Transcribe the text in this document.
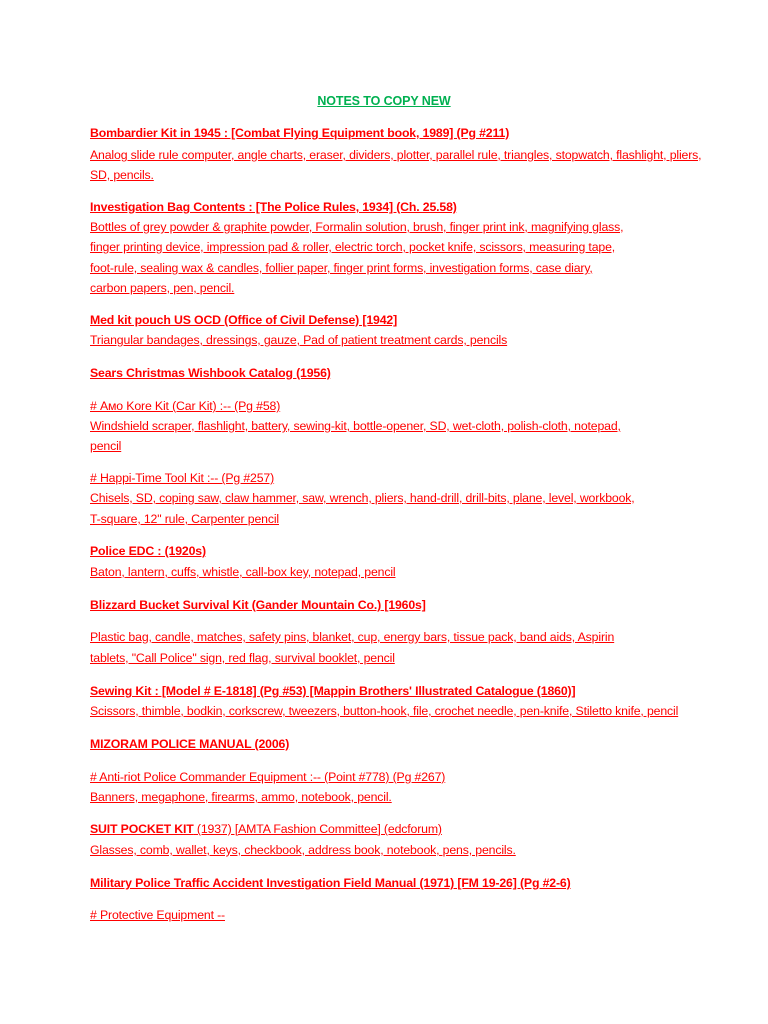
NOTES TO COPY NEW
Bombardier Kit in 1945 : [Combat Flying Equipment book, 1989] (Pg #211)
Analog slide rule computer, angle charts, eraser, dividers, plotter, parallel rule, triangles, stopwatch, flashlight, pliers,
SD, pencils.
Investigation Bag Contents : [The Police Rules, 1934] (Ch. 25.58)
Bottles of grey powder & graphite powder, Formalin solution, brush, finger print ink, magnifying glass,
finger printing device, impression pad & roller, electric torch, pocket knife, scissors, measuring tape,
foot-rule, sealing wax & candles, follier paper, finger print forms, investigation forms, case diary,
carbon papers, pen, pencil.
Med kit pouch US OCD (Office of Civil Defense) [1942]
Triangular bandages, dressings, gauze, Pad of patient treatment cards, pencils
Sears Christmas Wishbook Catalog (1956)
# Амо Kore Kit (Car Kit) :-- (Pg #58)
Windshield scraper, flashlight, battery, sewing-kit, bottle-opener, SD, wet-cloth, polish-cloth, notepad,
pencil
# Happi-Time Tool Kit :-- (Pg #257)
Chisels, SD, coping saw, claw hammer, saw, wrench, pliers, hand-drill, drill-bits, plane, level, workbook,
T-square, 12" rule, Carpenter pencil
Police EDC : (1920s)
Baton, lantern, cuffs, whistle, call-box key, notepad, pencil
Blizzard Bucket Survival Kit (Gander Mountain Co.) [1960s]
Plastic bag, candle, matches, safety pins, blanket, cup, energy bars, tissue pack, band aids, Aspirin
tablets, "Call Police" sign, red flag, survival booklet, pencil
Sewing Kit : [Model # E-1818] (Pg #53) [Mappin Brothers' Illustrated Catalogue (1860)]
Scissors, thimble, bodkin, corkscrew, tweezers, button-hook, file, crochet needle, pen-knife, Stiletto knife, pencil
MIZORAM POLICE MANUAL (2006)
# Anti-riot Police Commander Equipment :-- (Point #778) (Pg #267)
Banners, megaphone, firearms, ammo, notebook, pencil.
SUIT POCKET KIT (1937) [AMTA Fashion Committee] (edcforum)
Glasses, comb, wallet, keys, checkbook, address book, notebook, pens, pencils.
Military Police Traffic Accident Investigation Field Manual (1971) [FM 19-26] (Pg #2-6)
# Protective Equipment --
